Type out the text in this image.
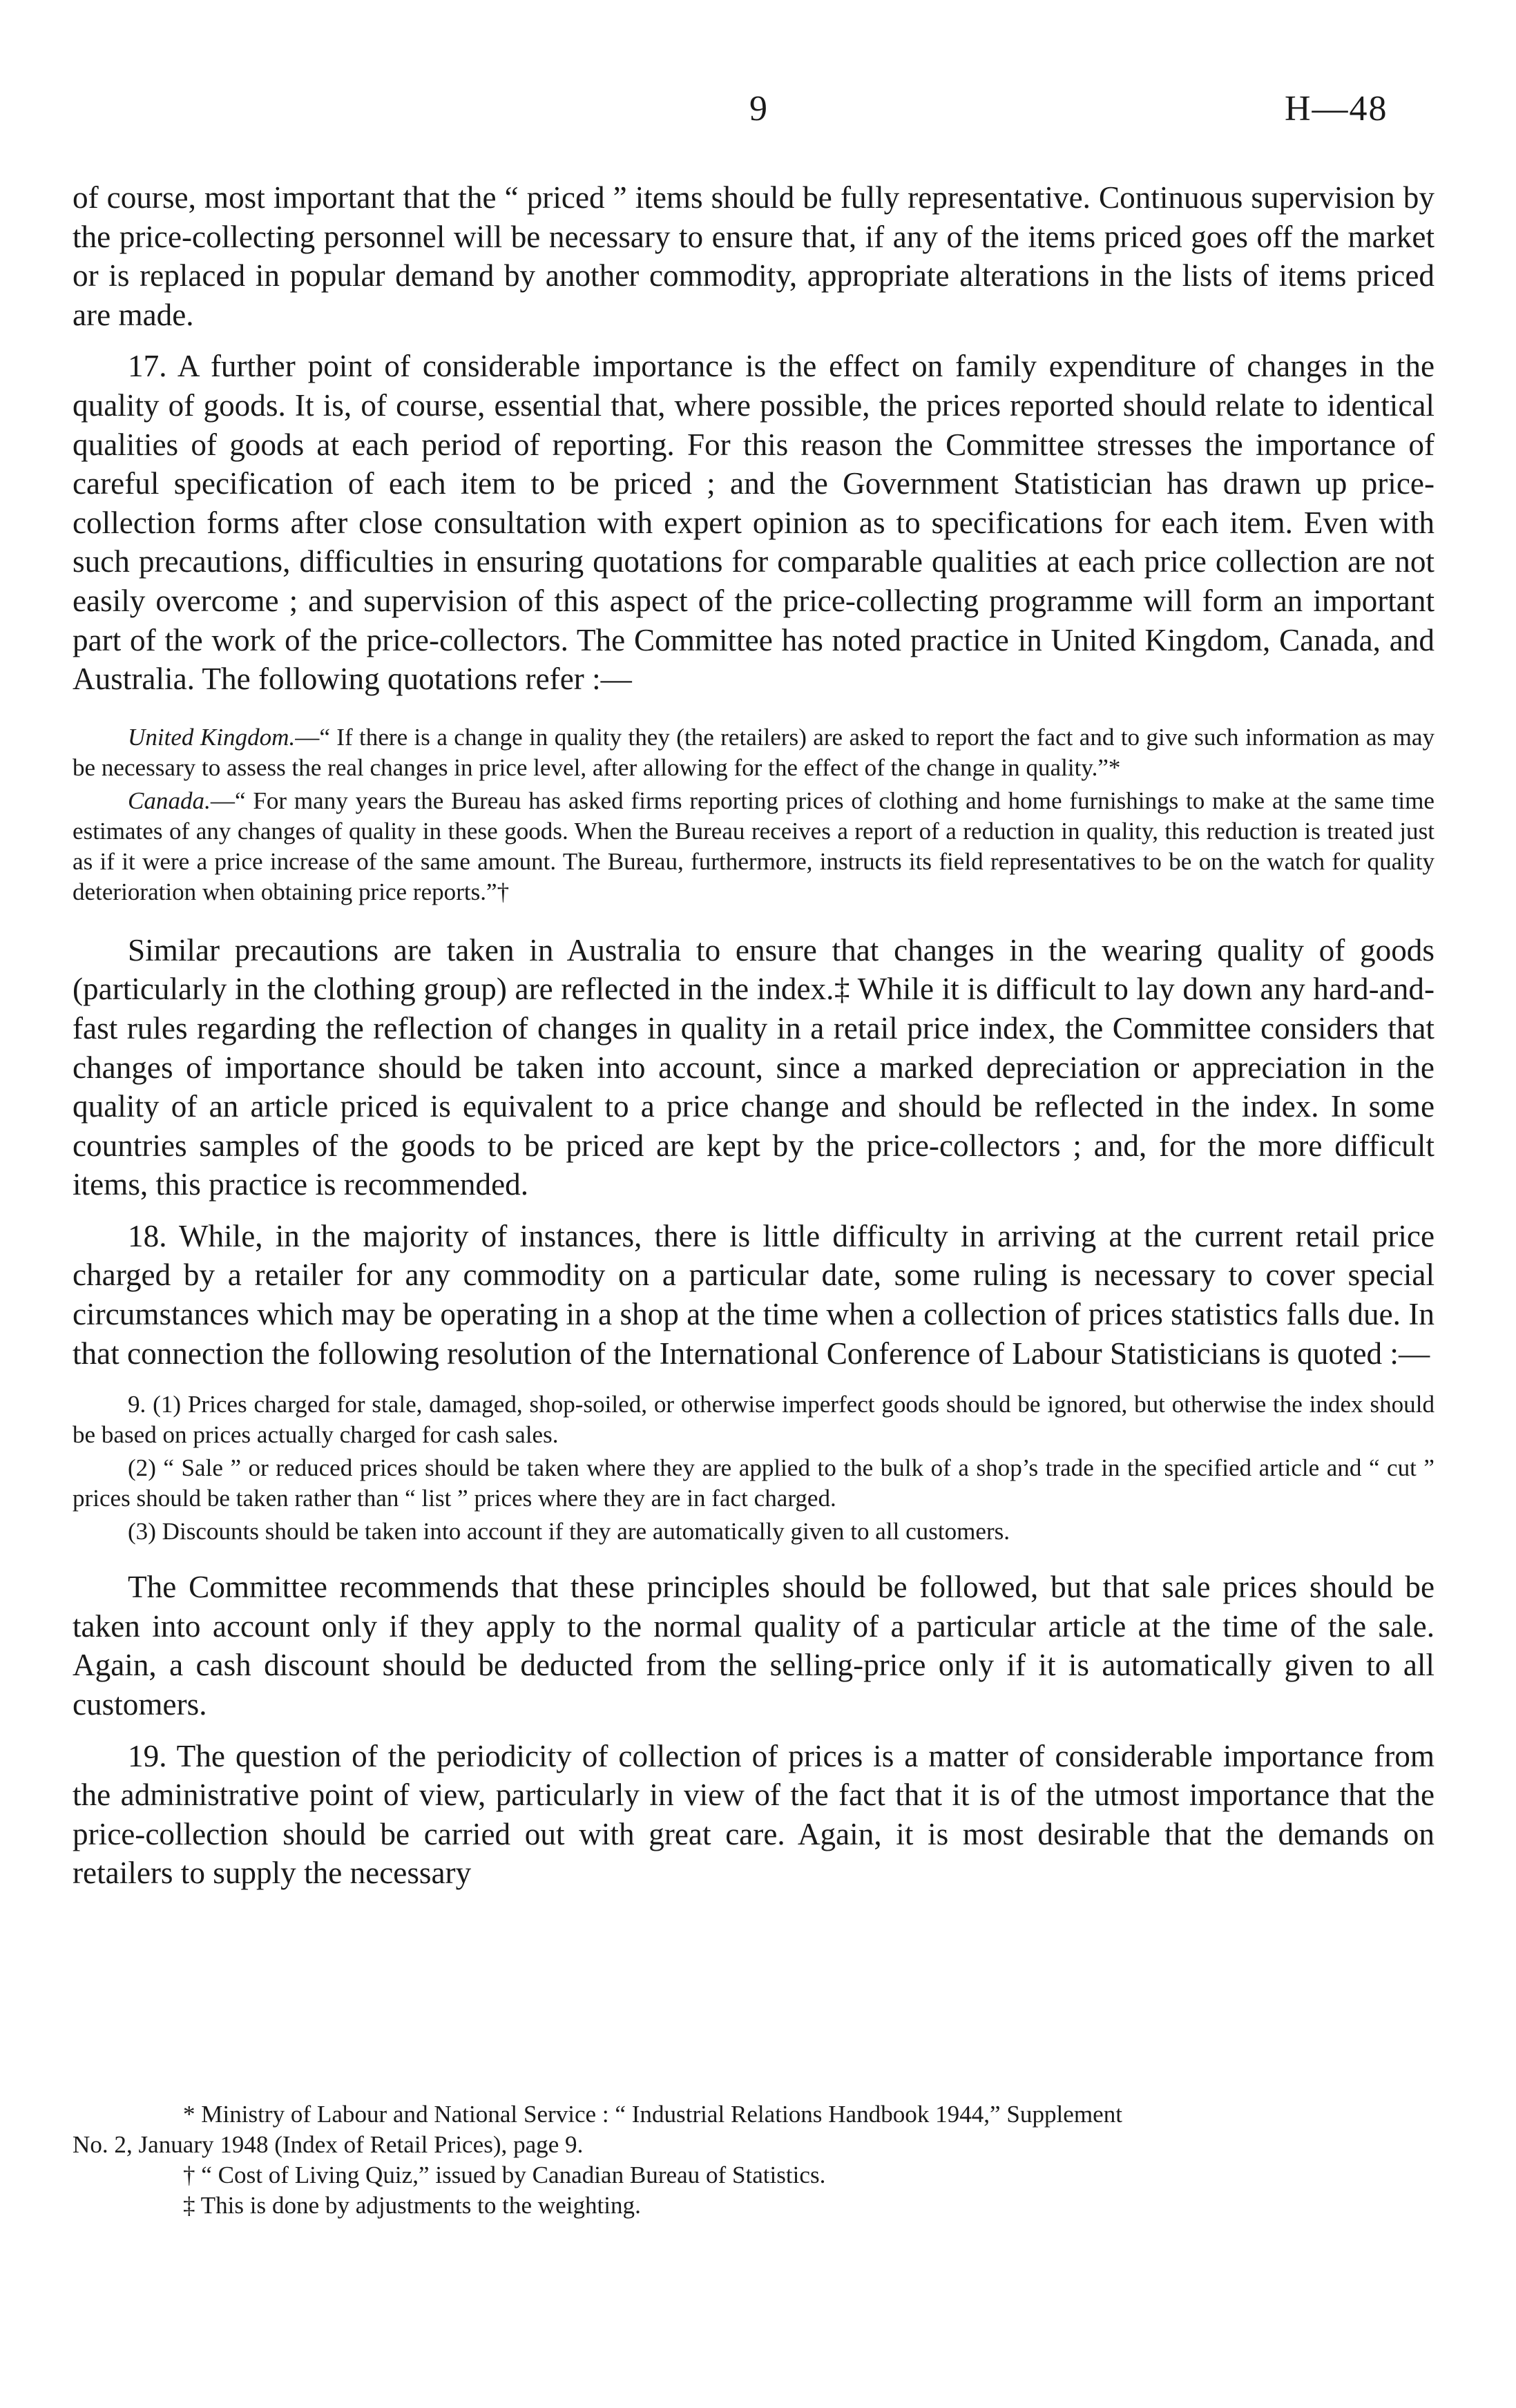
9	H—48

of course, most important that the “ priced ” items should be fully representative. Continuous supervision by the price-collecting personnel will be necessary to ensure that, if any of the items priced goes off the market or is replaced in popular demand by another commodity, appropriate alterations in the lists of items priced are made.

17. A further point of considerable importance is the effect on family expenditure of changes in the quality of goods. It is, of course, essential that, where possible, the prices reported should relate to identical qualities of goods at each period of reporting. For this reason the Committee stresses the importance of careful specification of each item to be priced ; and the Government Statistician has drawn up price-collection forms after close consultation with expert opinion as to specifications for each item. Even with such precautions, difficulties in ensuring quotations for comparable qualities at each price collection are not easily overcome ; and supervision of this aspect of the price-collecting programme will form an important part of the work of the price-collectors. The Committee has noted practice in United Kingdom, Canada, and Australia. The following quotations refer :—

United Kingdom.—“ If there is a change in quality they (the retailers) are asked to report the fact and to give such information as may be necessary to assess the real changes in price level, after allowing for the effect of the change in quality.”*

Canada.—“ For many years the Bureau has asked firms reporting prices of clothing and home furnishings to make at the same time estimates of any changes of quality in these goods. When the Bureau receives a report of a reduction in quality, this reduction is treated just as if it were a price increase of the same amount. The Bureau, furthermore, instructs its field representatives to be on the watch for quality deterioration when obtaining price reports.”†

Similar precautions are taken in Australia to ensure that changes in the wearing quality of goods (particularly in the clothing group) are reflected in the index.‡ While it is difficult to lay down any hard-and-fast rules regarding the reflection of changes in quality in a retail price index, the Committee considers that changes of importance should be taken into account, since a marked depreciation or appreciation in the quality of an article priced is equivalent to a price change and should be reflected in the index. In some countries samples of the goods to be priced are kept by the price-collectors ; and, for the more difficult items, this practice is recommended.

18. While, in the majority of instances, there is little difficulty in arriving at the current retail price charged by a retailer for any commodity on a particular date, some ruling is necessary to cover special circumstances which may be operating in a shop at the time when a collection of prices statistics falls due. In that connection the following resolution of the International Conference of Labour Statisticians is quoted :—

9. (1) Prices charged for stale, damaged, shop-soiled, or otherwise imperfect goods should be ignored, but otherwise the index should be based on prices actually charged for cash sales.

(2) “ Sale ” or reduced prices should be taken where they are applied to the bulk of a shop’s trade in the specified article and “ cut ” prices should be taken rather than “ list ” prices where they are in fact charged.

(3) Discounts should be taken into account if they are automatically given to all customers.

The Committee recommends that these principles should be followed, but that sale prices should be taken into account only if they apply to the normal quality of a particular article at the time of the sale. Again, a cash discount should be deducted from the selling-price only if it is automatically given to all customers.

19. The question of the periodicity of collection of prices is a matter of considerable importance from the administrative point of view, particularly in view of the fact that it is of the utmost importance that the price-collection should be carried out with great care. Again, it is most desirable that the demands on retailers to supply the necessary

* Ministry of Labour and National Service : “ Industrial Relations Handbook 1944,” Supplement

No. 2, January 1948 (Index of Retail Prices), page 9.

† “ Cost of Living Quiz,” issued by Canadian Bureau of Statistics.

‡ This is done by adjustments to the weighting.
